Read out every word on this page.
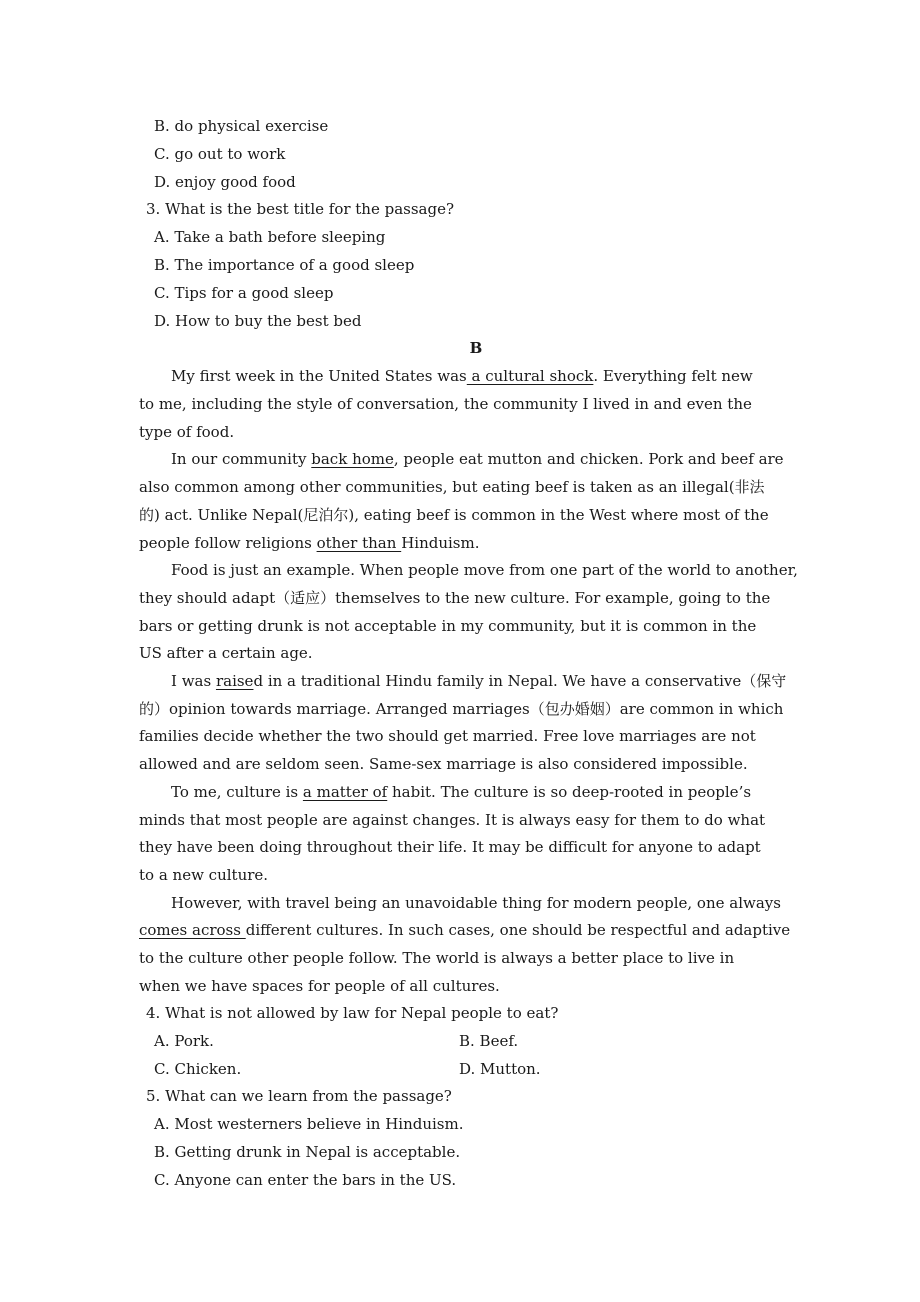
B. do physical exercise
C. go out to work
D. enjoy good food
3. What is the best title for the passage?
A. Take a bath before sleeping
B. The importance of a good sleep
C. Tips for a good sleep
D. How to buy the best bed
B
My first week in the United States was a cultural shock. Everything felt new
to me, including the style of conversation, the community I lived in and even the
type of food.
In our community back home, people eat mutton and chicken. Pork and beef are
also common among other communities, but eating beef is taken as an illegal(非法
的) act. Unlike Nepal(尼泊尔), eating beef is common in the West where most of the
people follow religions other than Hinduism.
Food is just an example. When people move from one part of the world to another,
they should adapt（适应）themselves to the new culture. For example, going to the
bars or getting drunk is not acceptable in my community, but it is common in the
US after a certain age.
I was raised in a traditional Hindu family in Nepal. We have a conservative（保守
的）opinion towards marriage. Arranged marriages（包办婚姻）are common in which
families decide whether the two should get married. Free love marriages are not
allowed and are seldom seen. Same-sex marriage is also considered impossible.
To me, culture is a matter of habit. The culture is so deep-rooted in people’s
minds that most people are against changes. It is always easy for them to do what
they have been doing throughout their life. It may be difficult for anyone to adapt
to a new culture.
However, with travel being an unavoidable thing for modern people, one always
comes across different cultures. In such cases, one should be respectful and adaptive
to the culture other people follow. The world is always a better place to live in
when we have spaces for people of all cultures.
4. What is not allowed by law for Nepal people to eat?
A. Pork.	B. Beef.
C. Chicken.	D. Mutton.
5. What can we learn from the passage?
A. Most westerners believe in Hinduism.
B. Getting drunk in Nepal is acceptable.
C. Anyone can enter the bars in the US.
